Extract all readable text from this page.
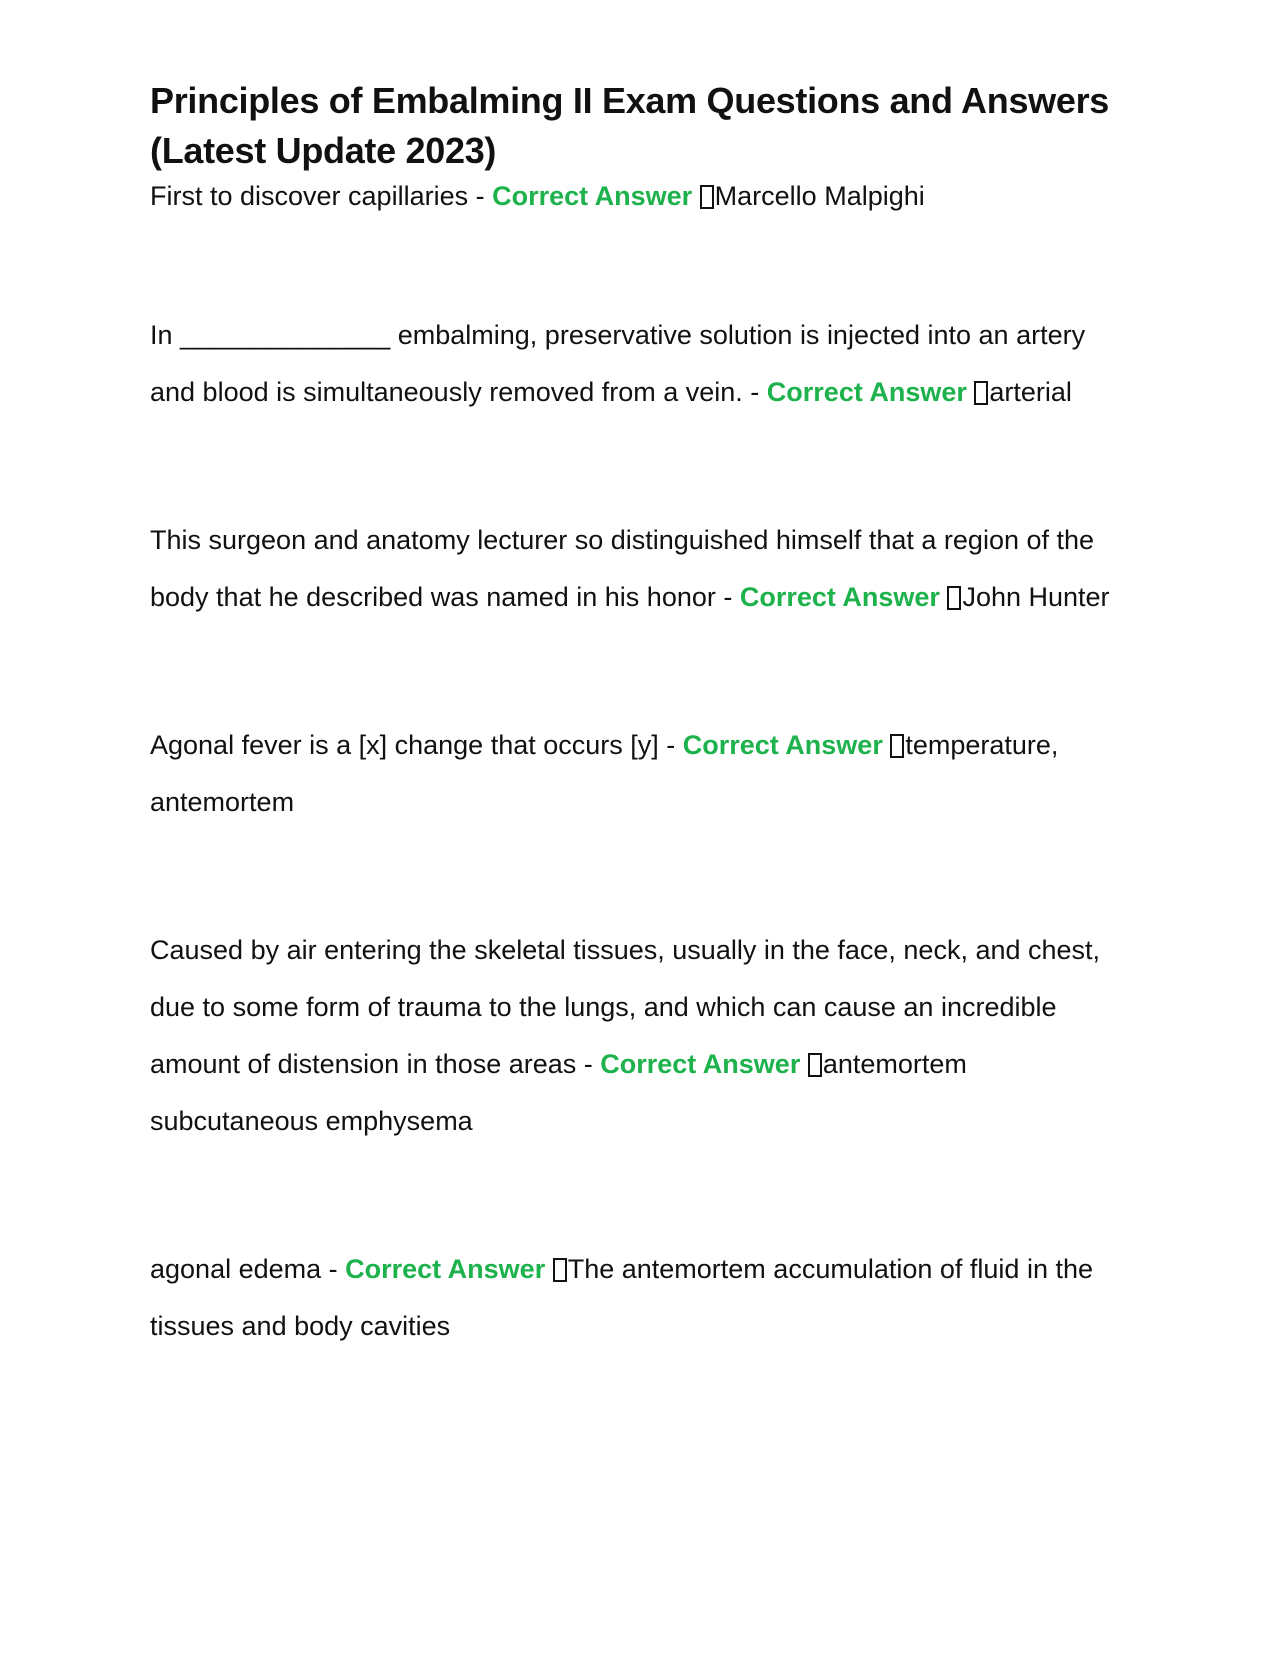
Principles of Embalming II Exam Questions and Answers (Latest Update 2023)

First to discover capillaries - Correct Answer Marcello Malpighi

In ______________ embalming, preservative solution is injected into an artery and blood is simultaneously removed from a vein. - Correct Answer arterial

This surgeon and anatomy lecturer so distinguished himself that a region of the body that he described was named in his honor - Correct Answer John Hunter

Agonal fever is a [x] change that occurs [y] - Correct Answer temperature, antemortem

Caused by air entering the skeletal tissues, usually in the face, neck, and chest, due to some form of trauma to the lungs, and which can cause an incredible amount of distension in those areas - Correct Answer antemortem subcutaneous emphysema

agonal edema - Correct Answer The antemortem accumulation of fluid in the tissues and body cavities
